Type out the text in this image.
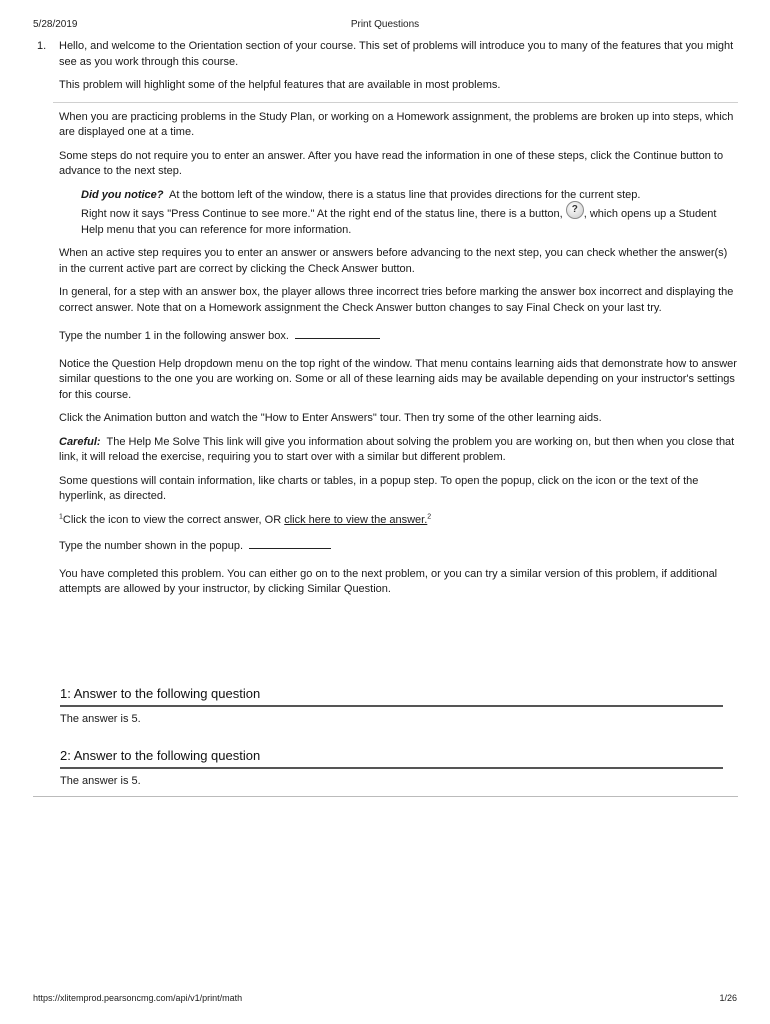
5/28/2019	Print Questions
1. Hello, and welcome to the Orientation section of your course. This set of problems will introduce you to many of the features that you might see as you work through this course.

This problem will highlight some of the helpful features that are available in most problems.

When you are practicing problems in the Study Plan, or working on a Homework assignment, the problems are broken up into steps, which are displayed one at a time.

Some steps do not require you to enter an answer. After you have read the information in one of these steps, click the Continue button to advance to the next step.

Did you notice? At the bottom left of the window, there is a status line that provides directions for the current step.

Right now it says "Press Continue to see more." At the right end of the status line, there is a button, ? , which opens up a Student Help menu that you can reference for more information.

When an active step requires you to enter an answer or answers before advancing to the next step, you can check whether the answer(s) in the current active part are correct by clicking the Check Answer button.

In general, for a step with an answer box, the player allows three incorrect tries before marking the answer box incorrect and displaying the correct answer. Note that on a Homework assignment the Check Answer button changes to say Final Check on your last try.

Type the number 1 in the following answer box.

Notice the Question Help dropdown menu on the top right of the window. That menu contains learning aids that demonstrate how to answer similar questions to the one you are working on. Some or all of these learning aids may be available depending on your instructor's settings for this course.

Click the Animation button and watch the "How to Enter Answers" tour. Then try some of the other learning aids.

Careful: The Help Me Solve This link will give you information about solving the problem you are working on, but then when you close that link, it will reload the exercise, requiring you to start over with a similar but different problem.

Some questions will contain information, like charts or tables, in a popup step. To open the popup, click on the icon or the text of the hyperlink, as directed.

$^1$Click the icon to view the correct answer, OR click here to view the answer.$^2$

Type the number shown in the popup.

You have completed this problem. You can either go on to the next problem, or you can try a similar version of this problem, if additional attempts are allowed by your instructor, by clicking Similar Question.

1: Answer to the following question
The answer is 5.
2: Answer to the following question
The answer is 5.
https://xlitemprod.pearsoncmg.com/api/v1/print/math	1/26
